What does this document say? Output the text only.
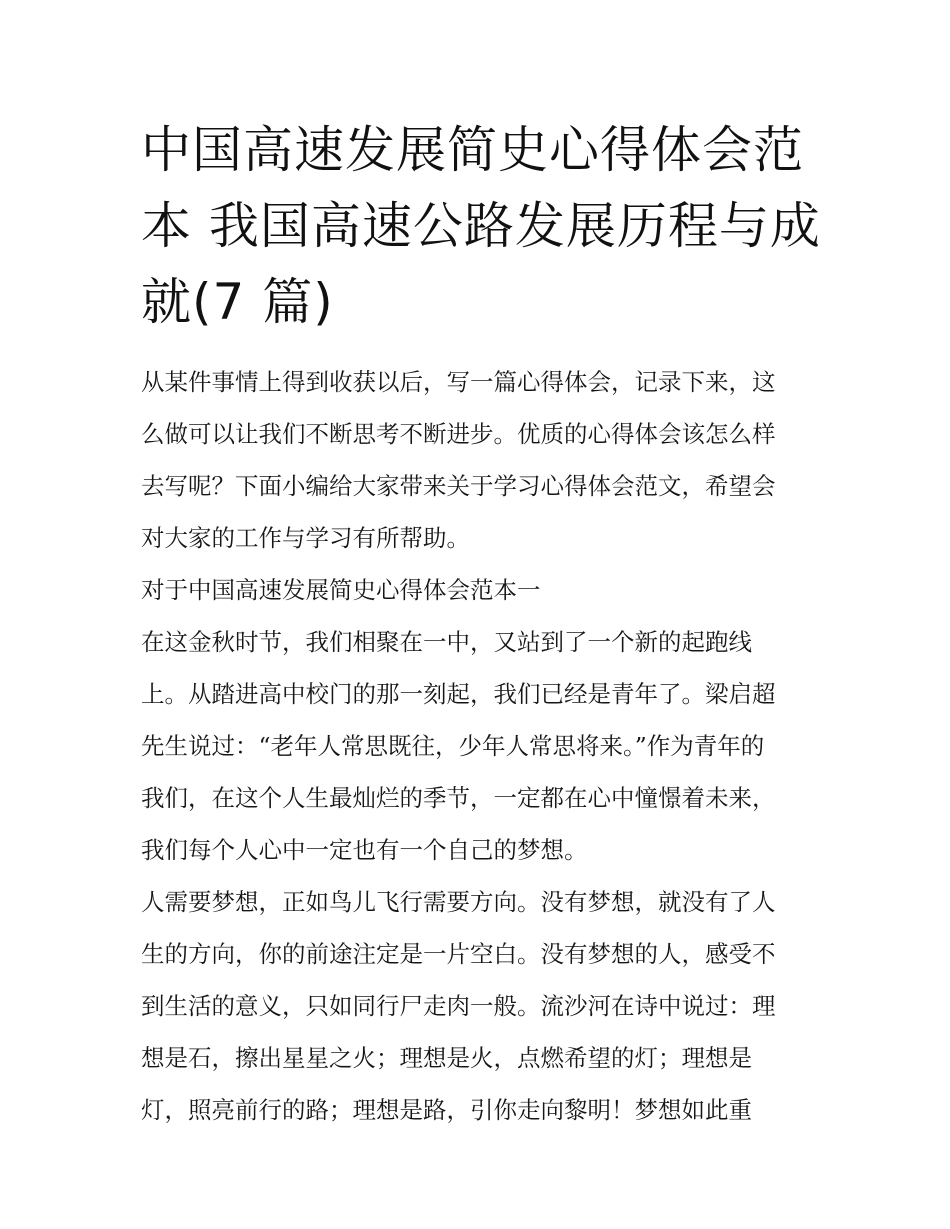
中国高速发展简史心得体会范
本 我国高速公路发展历程与成
就(7 篇)

从某件事情上得到收获以后，写一篇心得体会，记录下来，这
么做可以让我们不断思考不断进步。优质的心得体会该怎么样
去写呢？下面小编给大家带来关于学习心得体会范文，希望会
对大家的工作与学习有所帮助。

对于中国高速发展简史心得体会范本一

在这金秋时节，我们相聚在一中，又站到了一个新的起跑线
上。从踏进高中校门的那一刻起，我们已经是青年了。梁启超
先生说过：“老年人常思既往，少年人常思将来。”作为青年的
我们，在这个人生最灿烂的季节，一定都在心中憧憬着未来，
我们每个人心中一定也有一个自己的梦想。

人需要梦想，正如鸟儿飞行需要方向。没有梦想，就没有了人
生的方向，你的前途注定是一片空白。没有梦想的人，感受不
到生活的意义，只如同行尸走肉一般。流沙河在诗中说过：理
想是石，擦出星星之火；理想是火，点燃希望的灯；理想是
灯，照亮前行的路；理想是路，引你走向黎明！梦想如此重
